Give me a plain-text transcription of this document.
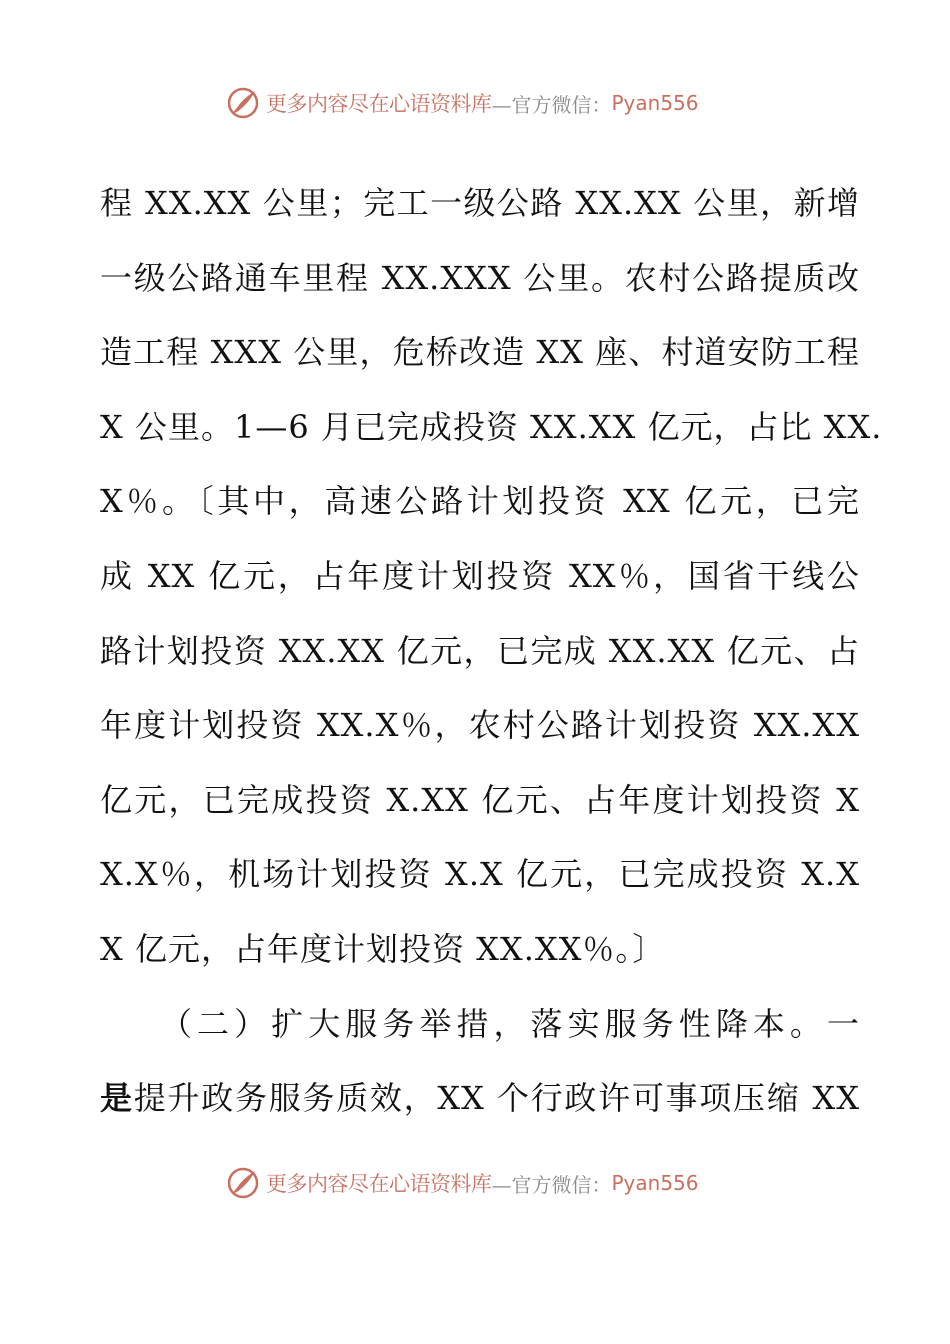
更多内容尽在心语资料库 —官方微信： Pyan556
程 XX.XX 公里；完工一级公路 XX.XX 公里，新增
一级公路通车里程 XX.XXX 公里。农村公路提质改
造工程 XXX 公里，危桥改造 XX 座、村道安防工程
X 公里。1—6 月已完成投资 XX.XX 亿元，占比 XX.
X％。〔其中，高速公路计划投资 XX 亿元，已完
成 XX 亿元，占年度计划投资 XX％，国省干线公
路计划投资 XX.XX 亿元，已完成 XX.XX 亿元、占
年度计划投资 XX.X％，农村公路计划投资 XX.XX
亿元，已完成投资 X.XX 亿元、占年度计划投资 X
X.X％，机场计划投资 X.X 亿元，已完成投资 X.X
X 亿元，占年度计划投资 XX.XX％。〕
（二）扩大服务举措，落实服务性降本。一
是提升政务服务质效，XX 个行政许可事项压缩 XX
更多内容尽在心语资料库 —官方微信： Pyan556
